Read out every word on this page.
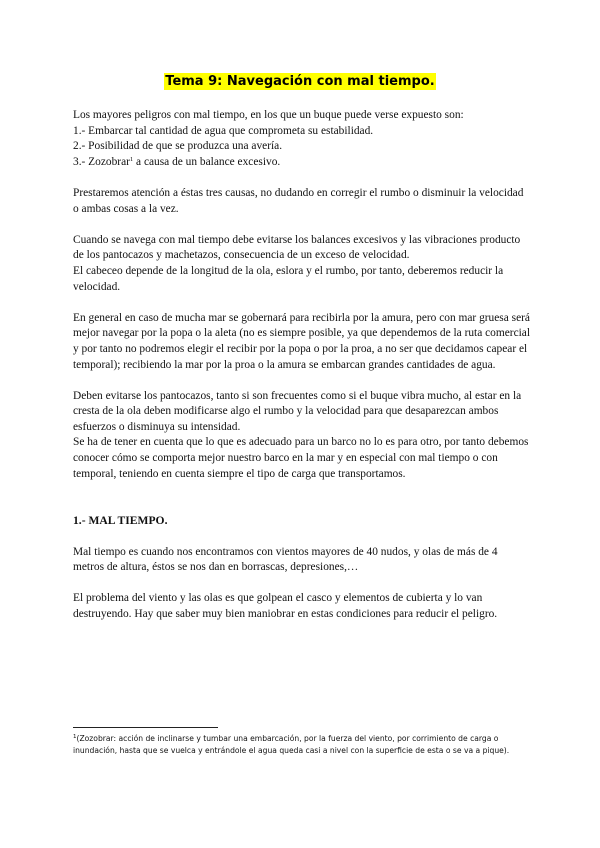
Tema 9: Navegación con mal tiempo.

Los mayores peligros con mal tiempo, en los que un buque puede verse expuesto son:

1.- Embarcar tal cantidad de agua que comprometa su estabilidad.

2.- Posibilidad de que se produzca una avería.

3.- Zozobrar$^1$ a causa de un balance excesivo.

Prestaremos atención a éstas tres causas, no dudando en corregir el rumbo o disminuir la velocidad o ambas cosas a la vez.

Cuando se navega con mal tiempo debe evitarse los balances excesivos y las vibraciones producto de los pantocazos y machetazos, consecuencia de un exceso de velocidad.

El cabeceo depende de la longitud de la ola, eslora y el rumbo, por tanto, deberemos reducir la velocidad.

En general en caso de mucha mar se gobernará para recibirla por la amura, pero con mar gruesa será mejor navegar por la popa o la aleta (no es siempre posible, ya que dependemos de la ruta comercial y por tanto no podremos elegir el recibir por la popa o por la proa, a no ser que decidamos capear el temporal); recibiendo la mar por la proa o la amura se embarcan grandes cantidades de agua.

Deben evitarse los pantocazos, tanto si son frecuentes como si el buque vibra mucho, al estar en la cresta de la ola deben modificarse algo el rumbo y la velocidad para que desaparezcan ambos esfuerzos o disminuya su intensidad.

Se ha de tener en cuenta que lo que es adecuado para un barco no lo es para otro, por tanto debemos conocer cómo se comporta mejor nuestro barco en la mar y en especial con mal tiempo o con temporal, teniendo en cuenta siempre el tipo de carga que transportamos.

1.- MAL TIEMPO.

Mal tiempo es cuando nos encontramos con vientos mayores de 40 nudos, y olas de más de 4 metros de altura, éstos se nos dan en borrascas, depresiones,…

El problema del viento y las olas es que golpean el casco y elementos de cubierta y lo van destruyendo. Hay que saber muy bien maniobrar en estas condiciones para reducir el peligro.

$^1$(Zozobrar: acción de inclinarse y tumbar una embarcación, por la fuerza del viento, por corrimiento de carga o inundación, hasta que se vuelca y entrándole el agua queda casi a nivel con la superficie de esta o se va a pique).
